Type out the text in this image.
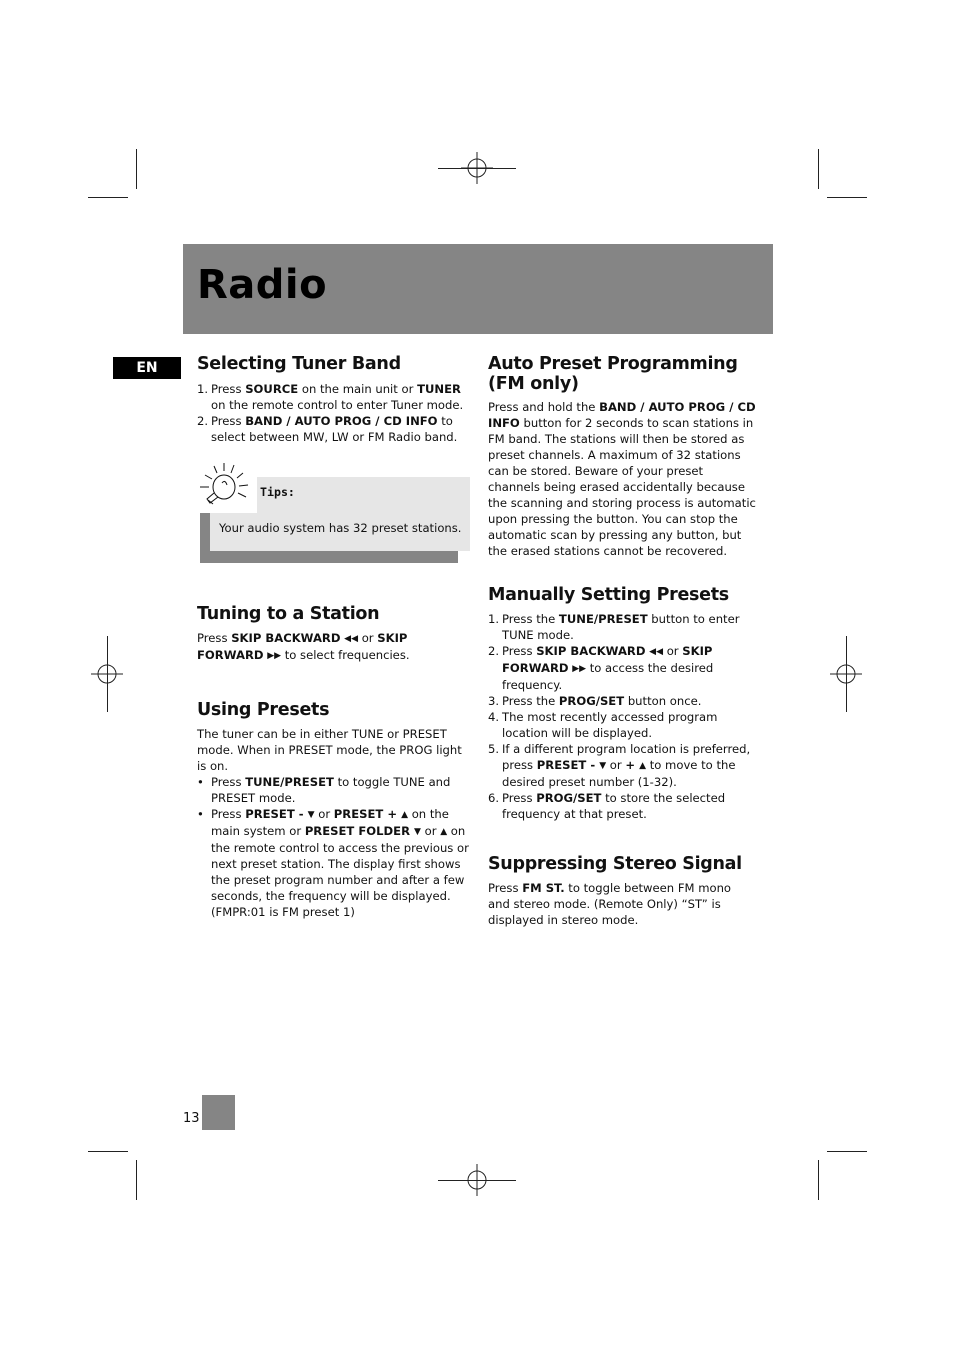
Radio
EN	Selecting Tuner Band
1. Press SOURCE on the main unit or TUNER on the remote control to enter Tuner mode.
2. Press BAND / AUTO PROG / CD INFO to select between MW, LW or FM Radio band.
Tips:
Your audio system has 32 preset stations.
Tuning to a Station

Press SKIP BACKWARD ◀◀ or SKIP FORWARD ▶▶ to select frequencies.

Using Presets

The tuner can be in either TUNE or PRESET mode. When in PRESET mode, the PROG light is on.

• Press TUNE/PRESET to toggle TUNE and PRESET mode.
• Press PRESET - ▼ or PRESET + ▲ on the main system or PRESET FOLDER ▼ or ▲ on the remote control to access the previous or next preset station. The display first shows the preset program number and after a few seconds, the frequency will be displayed. (FMPR:01 is FM preset 1)
Auto Preset Programming
(FM only)

Press and hold the BAND / AUTO PROG / CD INFO button for 2 seconds to scan stations in FM band. The stations will then be stored as preset channels. A maximum of 32 stations can be stored. Beware of your preset channels being erased accidentally because the scanning and storing process is automatic upon pressing the button. You can stop the automatic scan by pressing any button, but the erased stations cannot be recovered.

Manually Setting Presets
1. Press the TUNE/PRESET button to enter TUNE mode.
2. Press SKIP BACKWARD ◀◀ or SKIP FORWARD ▶▶ to access the desired frequency.
3. Press the PROG/SET button once.
4. The most recently accessed program location will be displayed.
5. If a different program location is preferred, press PRESET - ▼ or + ▲ to move to the desired preset number (1-32).
6. Press PROG/SET to store the selected frequency at that preset.
Suppressing Stereo Signal

Press FM ST. to toggle between FM mono and stereo mode. (Remote Only) “ST” is displayed in stereo mode.

13
